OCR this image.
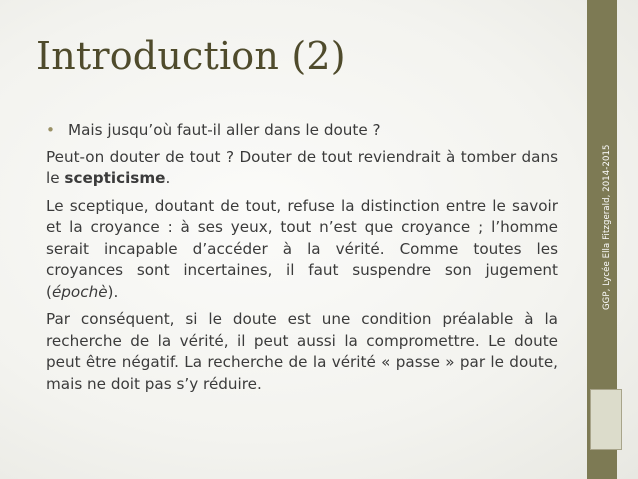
Introduction (2)

• Mais jusqu’où faut-il aller dans le doute ?

Peut-on douter de tout ? Douter de tout reviendrait à tomber dans le scepticisme.

Le sceptique, doutant de tout, refuse la distinction entre le savoir et la croyance : à ses yeux, tout n’est que croyance ; l’homme serait incapable d’accéder à la vérité. Comme toutes les croyances sont incertaines, il faut suspendre son jugement (épochè).

Par conséquent, si le doute est une condition préalable à la recherche de la vérité, il peut aussi la compromettre. Le doute peut être négatif. La recherche de la vérité « passe » par le doute, mais ne doit pas s’y réduire.

GGP, Lycée Ella Fitzgerald, 2014-2015
